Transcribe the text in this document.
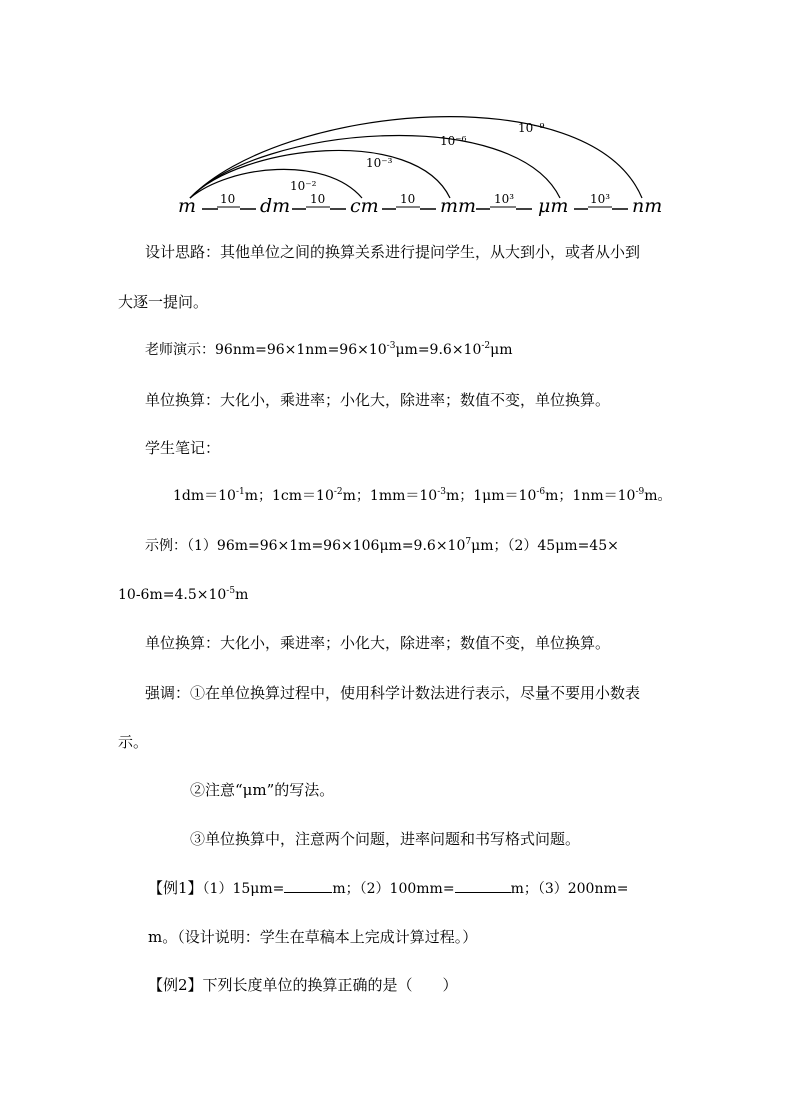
10⁻²
10⁻³
10⁻⁶
10⁻⁹
m	dm	cm	mm	μm	nm
10	10	10	10³	10³
设计思路：其他单位之间的换算关系进行提问学生，从大到小，或者从小到
大逐一提问。
老师演示：$96nm=96\times 1nm=96\times 10^{-3}\mu m=9.6\times 10^{-2}\mu m$
单位换算：大化小，乘进率；小化大，除进率；数值不变，单位换算。
学生笔记：
$1dm=10^{-1}m$；$1cm=10^{-2}m$；$1mm=10^{-3}m$；$1\mu m=10^{-6}m$；$1nm=10^{-9}m$。
示例：$(1)96m=96\times 1m=96\times 106\mu m=9.6\times 10^7\mu m$；（2）45μm=45×
$10-6m=4.5\times 10^{-5}m$
单位换算：大化小，乘进率；小化大，除进率；数值不变，单位换算。
强调：①在单位换算过程中，使用科学计数法进行表示，尽量不要用小数表
示。
②注意“μm”的写法。
③单位换算中，注意两个问题，进率问题和书写格式问题。
【例1】（1）15μm=	m；（2）100mm=	m；（3）200nm=
m。（设计说明：学生在草稿本上完成计算过程。）
【例2】下列长度单位的换算正确的是（　　）
